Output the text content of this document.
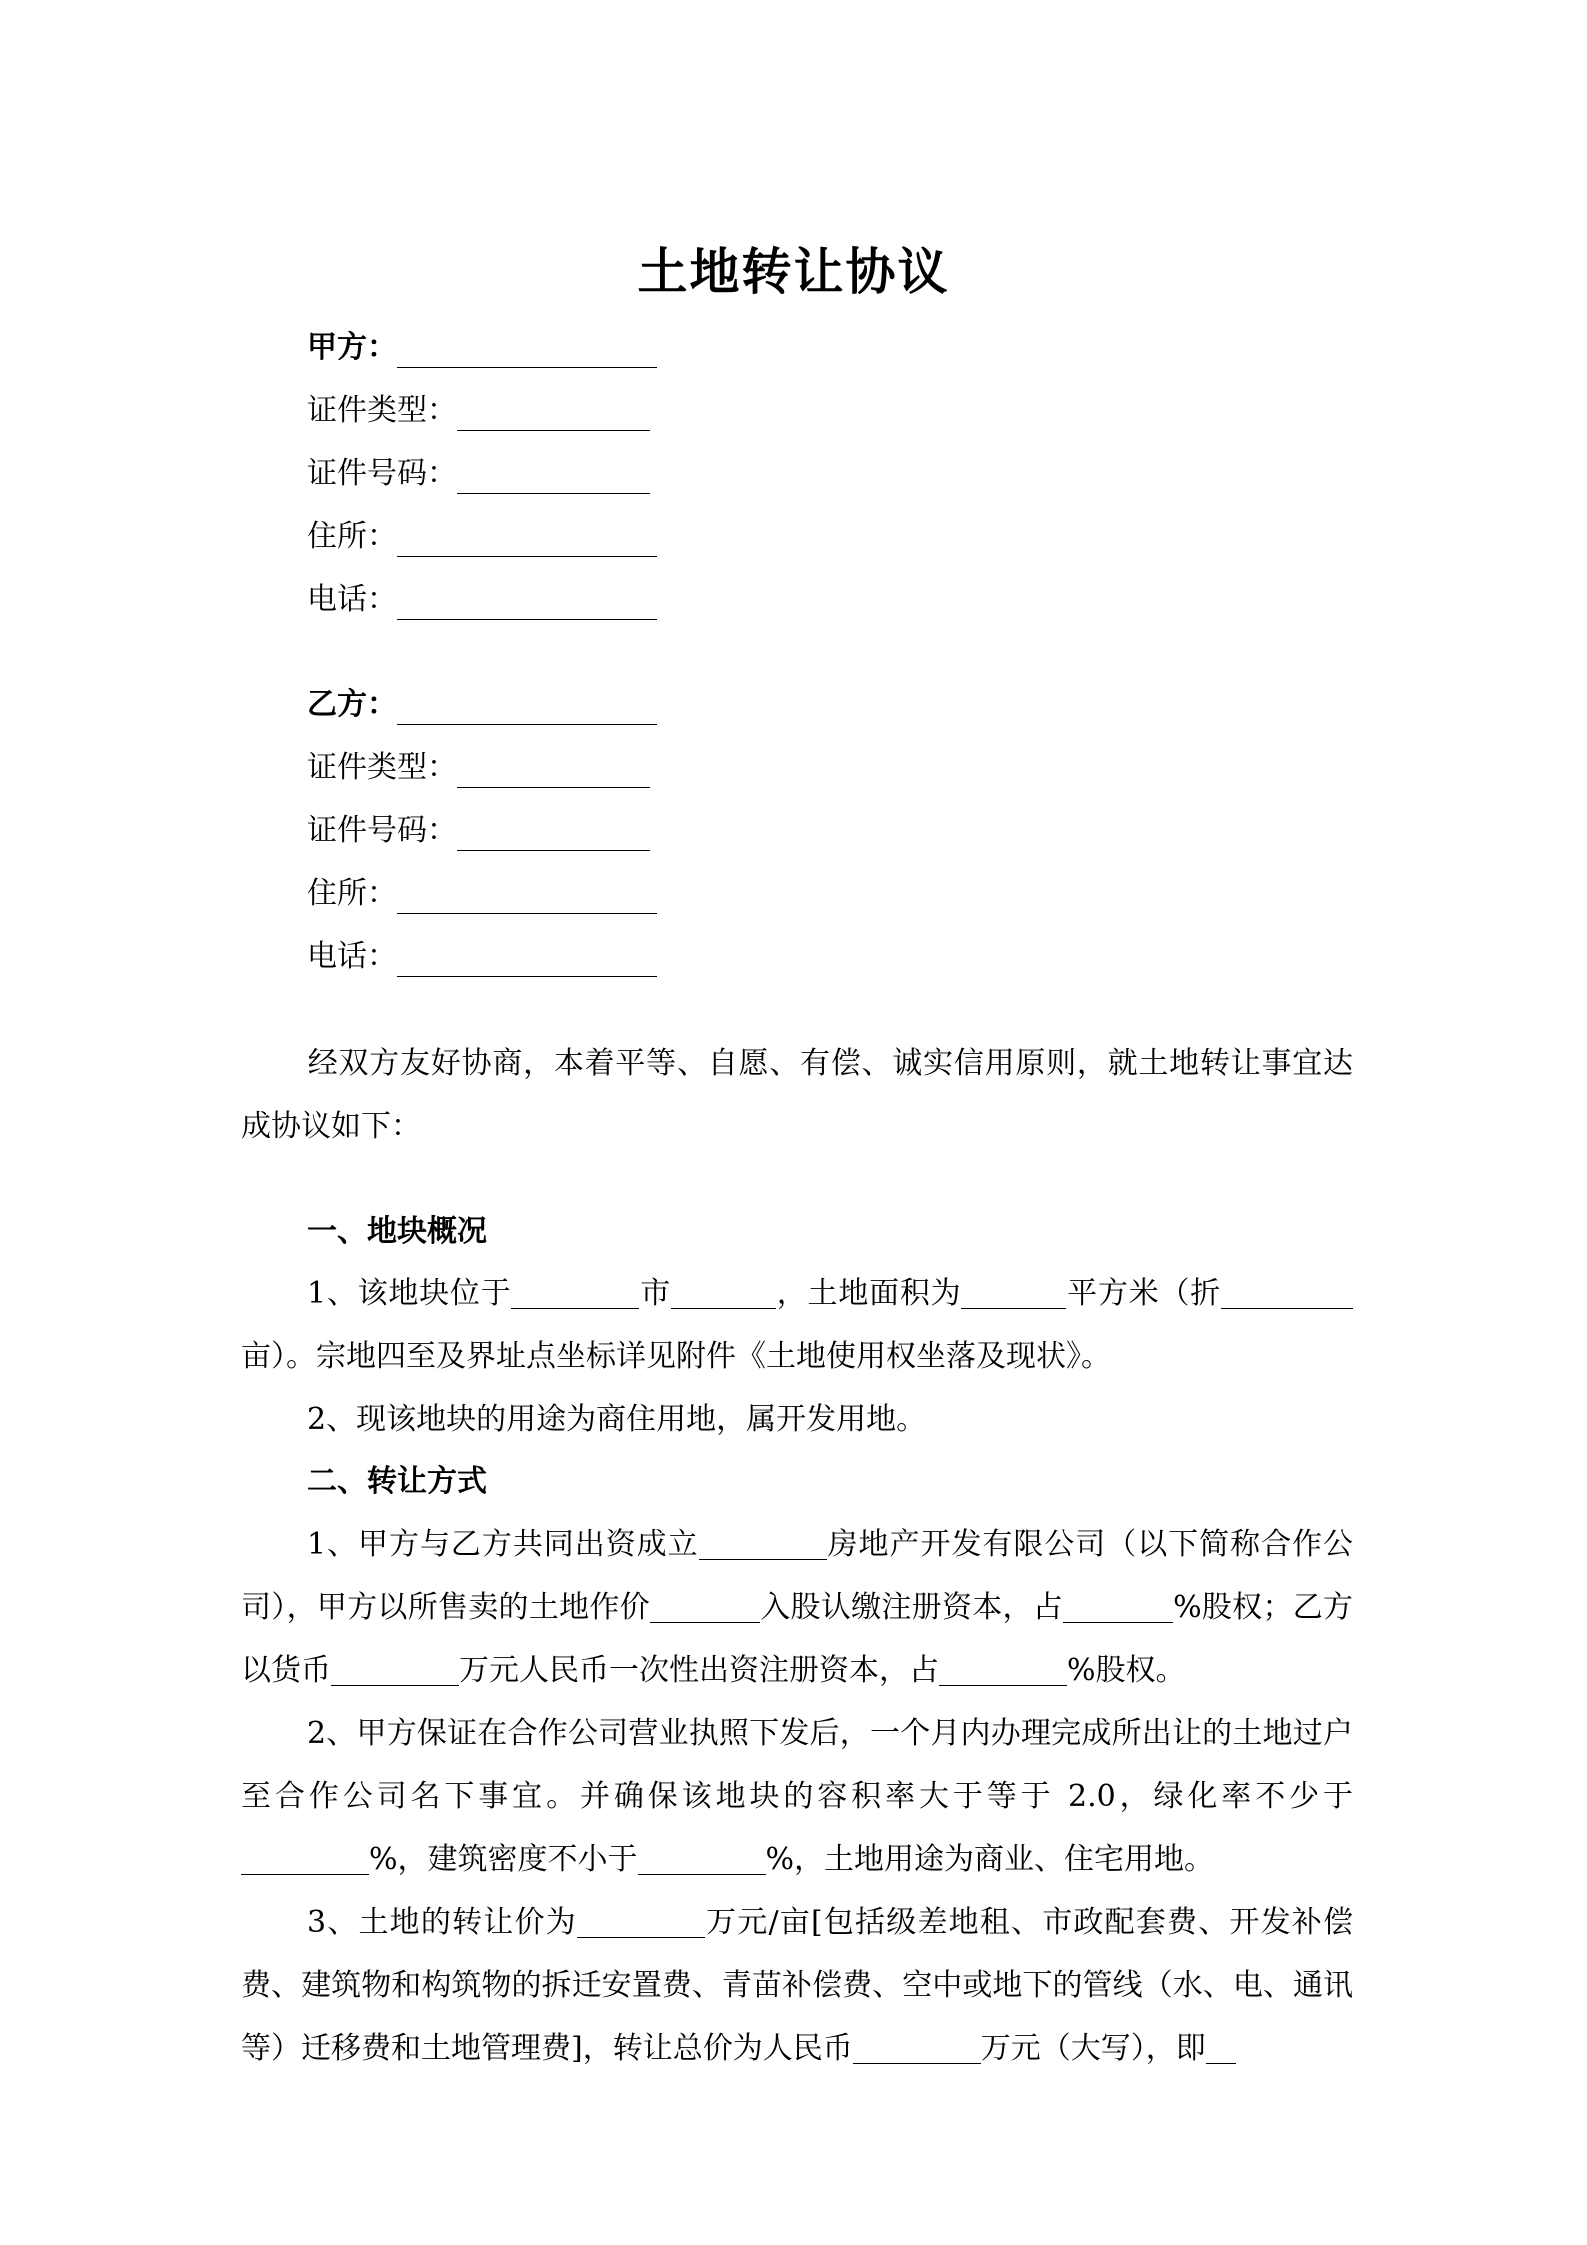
土地转让协议
甲方：
证件类型：
证件号码：
住所：
电话：
乙方：
证件类型：
证件号码：
住所：
电话：
经双方友好协商，本着平等、自愿、有偿、诚实信用原则，就土地转让事宜达成协议如下：
一、地块概况
1、该地块位于	市	，土地面积为	平方米（折亩）。宗地四至及界址点坐标详见附件《土地使用权坐落及现状》。
2、现该地块的用途为商住用地，属开发用地。
二、转让方式
1、甲方与乙方共同出资成立	房地产开发有限公司（以下简称合作公司），甲方以所售卖的土地作价	入股认缴注册资本，占	%股权；乙方以货币	万元人民币一次性出资注册资本，占	%股权。
2、甲方保证在合作公司营业执照下发后，一个月内办理完成所出让的土地过户至合作公司名下事宜。并确保该地块的容积率大于等于 2.0，绿化率不少于%，建筑密度不小于	%，土地用途为商业、住宅用地。
3、土地的转让价为	万元/亩[包括级差地租、市政配套费、开发补偿费、建筑物和构筑物的拆迁安置费、青苗补偿费、空中或地下的管线（水、电、通讯等）迁移费和土地管理费]，转让总价为人民币	万元（大写），即
